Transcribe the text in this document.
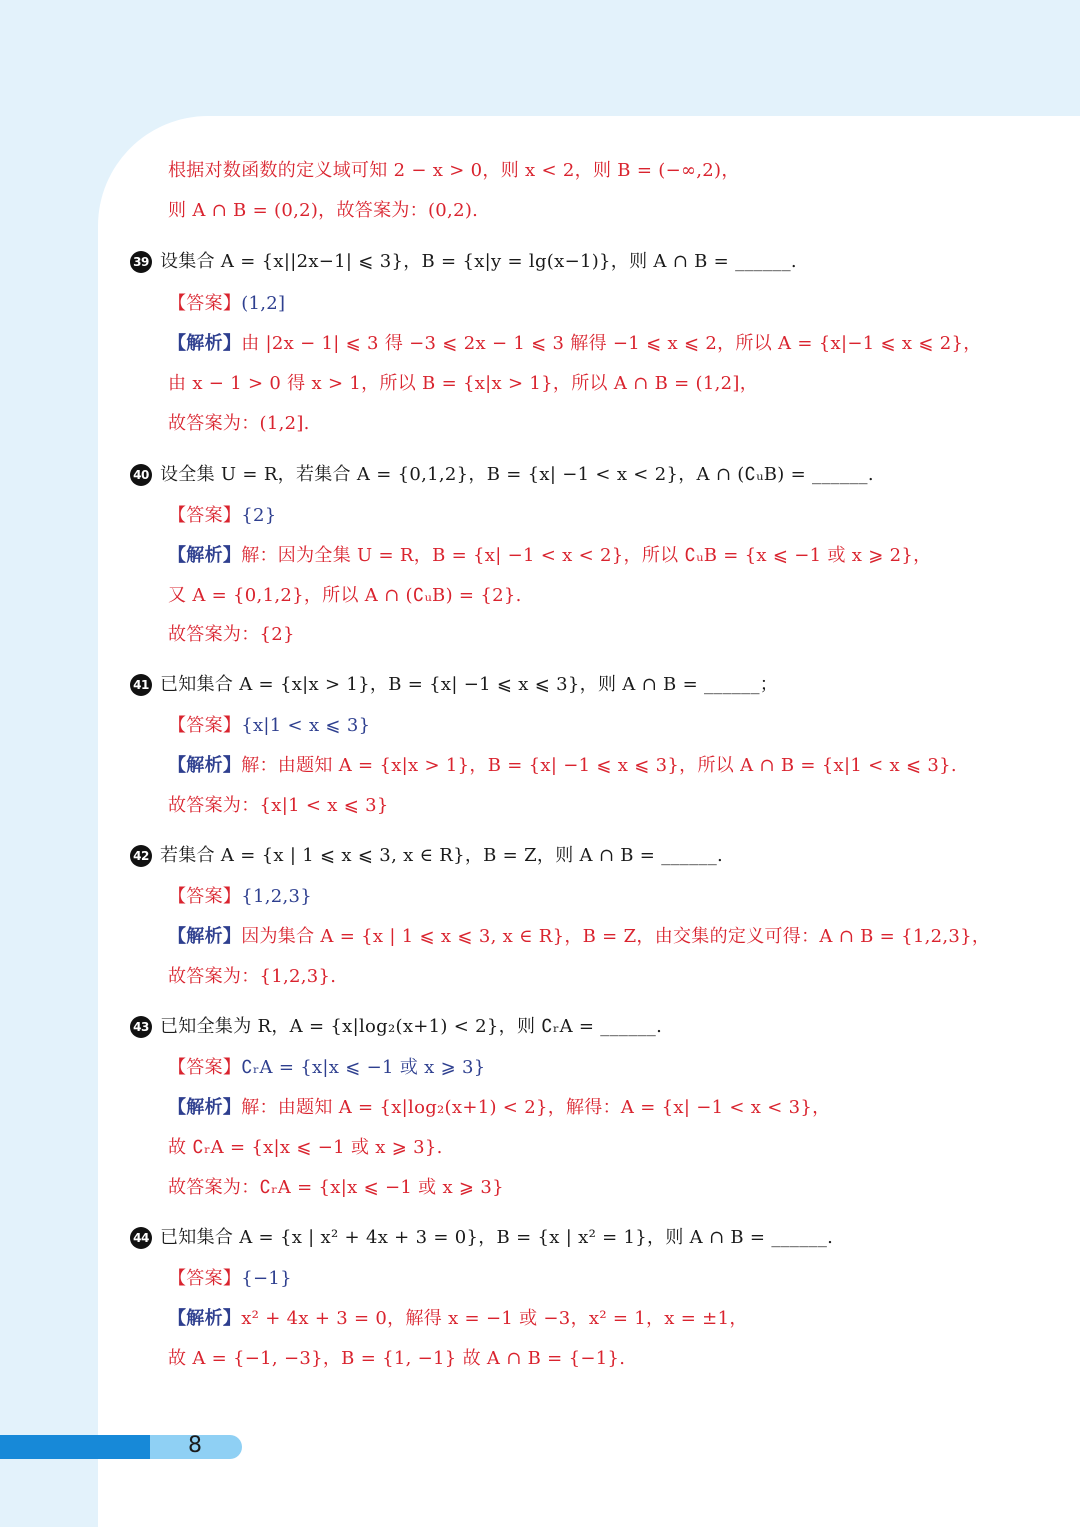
根据对数函数的定义域可知 2 − x > 0，则 x < 2，则 B = (−∞,2)，
则 A ∩ B = (0,2)，故答案为：(0,2).
39 设集合 A = {x||2x−1| ⩽ 3}，B = {x|y = lg(x−1)}，则 A ∩ B = ______.
【答案】(1,2]
【解析】由 |2x − 1| ⩽ 3 得 −3 ⩽ 2x − 1 ⩽ 3 解得 −1 ⩽ x ⩽ 2，所以 A = {x|−1 ⩽ x ⩽ 2}，
由 x − 1 > 0 得 x > 1，所以 B = {x|x > 1}，所以 A ∩ B = (1,2]，
故答案为：(1,2].
40 设全集 U = R，若集合 A = {0,1,2}，B = {x| −1 < x < 2}，A ∩ (∁ᵤB) = ______.
【答案】{2}
【解析】解：因为全集 U = R，B = {x| −1 < x < 2}，所以 ∁ᵤB = {x ⩽ −1 或 x ⩾ 2}，
又 A = {0,1,2}，所以 A ∩ (∁ᵤB) = {2}.
故答案为：{2}
41 已知集合 A = {x|x > 1}，B = {x| −1 ⩽ x ⩽ 3}，则 A ∩ B = ______；
【答案】{x|1 < x ⩽ 3}
【解析】解：由题知 A = {x|x > 1}，B = {x| −1 ⩽ x ⩽ 3}，所以 A ∩ B = {x|1 < x ⩽ 3}.
故答案为：{x|1 < x ⩽ 3}
42 若集合 A = {x | 1 ⩽ x ⩽ 3, x ∈ R}，B = Z，则 A ∩ B = ______.
【答案】{1,2,3}
【解析】因为集合 A = {x | 1 ⩽ x ⩽ 3, x ∈ R}，B = Z，由交集的定义可得：A ∩ B = {1,2,3}，
故答案为：{1,2,3}.
43 已知全集为 R，A = {x|log₂(x+1) < 2}，则 ∁ᵣA = ______.
【答案】∁ᵣA = {x|x ⩽ −1 或 x ⩾ 3}
【解析】解：由题知 A = {x|log₂(x+1) < 2}，解得：A = {x| −1 < x < 3}，
故 ∁ᵣA = {x|x ⩽ −1 或 x ⩾ 3}.
故答案为：∁ᵣA = {x|x ⩽ −1 或 x ⩾ 3}
44 已知集合 A = {x | x² + 4x + 3 = 0}，B = {x | x² = 1}，则 A ∩ B = ______.
【答案】{−1}
【解析】x² + 4x + 3 = 0，解得 x = −1 或 −3，x² = 1，x = ±1，
故 A = {−1, −3}，B = {1, −1} 故 A ∩ B = {−1}.
8
